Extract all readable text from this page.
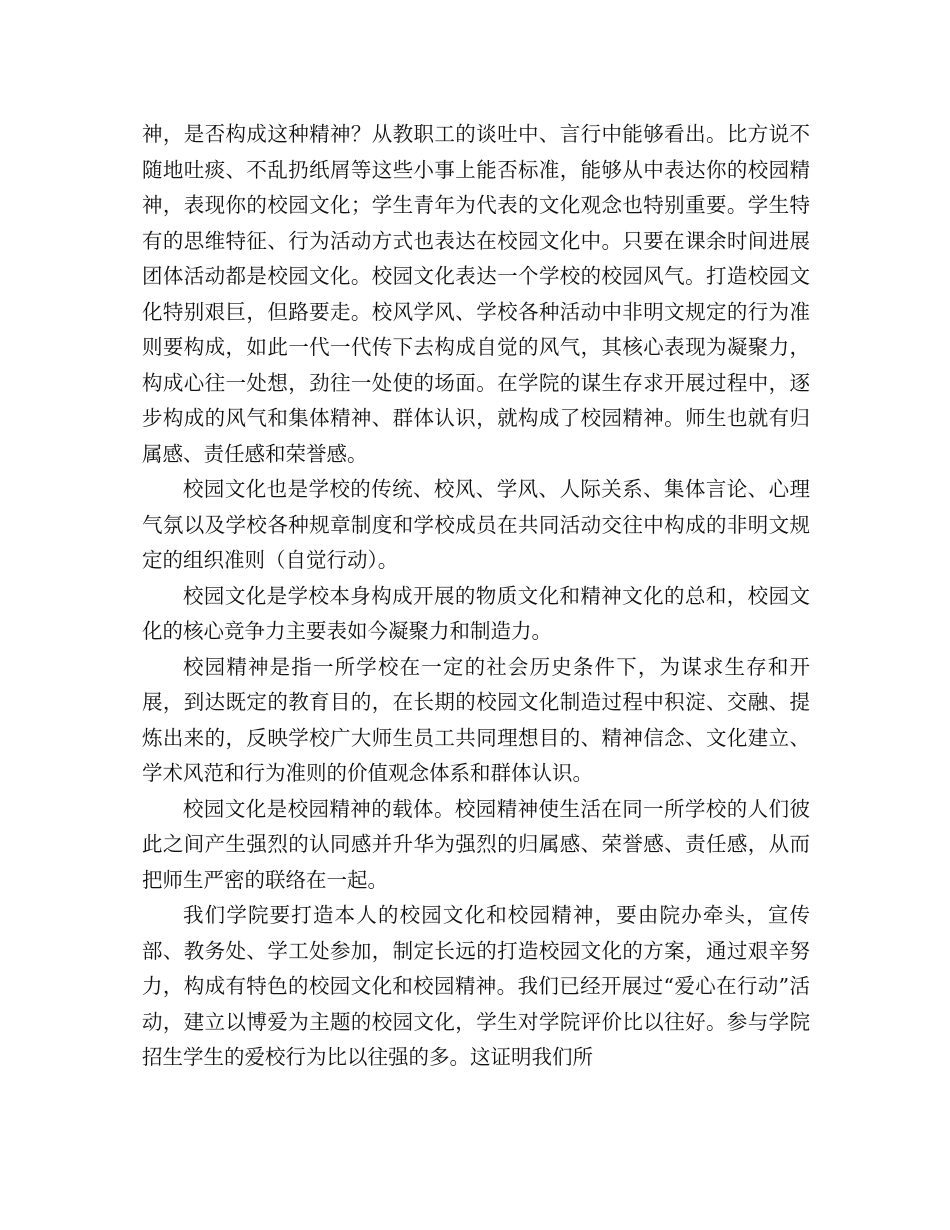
神，是否构成这种精神？从教职工的谈吐中、言行中能够看出。比方说不随地吐痰、不乱扔纸屑等这些小事上能否标准，能够从中表达你的校园精神，表现你的校园文化；学生青年为代表的文化观念也特别重要。学生特有的思维特征、行为活动方式也表达在校园文化中。只要在课余时间进展团体活动都是校园文化。校园文化表达一个学校的校园风气。打造校园文化特别艰巨，但路要走。校风学风、学校各种活动中非明文规定的行为准则要构成，如此一代一代传下去构成自觉的风气，其核心表现为凝聚力，构成心往一处想，劲往一处使的场面。在学院的谋生存求开展过程中，逐步构成的风气和集体精神、群体认识，就构成了校园精神。师生也就有归属感、责任感和荣誉感。

校园文化也是学校的传统、校风、学风、人际关系、集体言论、心理气氛以及学校各种规章制度和学校成员在共同活动交往中构成的非明文规定的组织准则（自觉行动）。

校园文化是学校本身构成开展的物质文化和精神文化的总和，校园文化的核心竞争力主要表如今凝聚力和制造力。

校园精神是指一所学校在一定的社会历史条件下，为谋求生存和开展，到达既定的教育目的，在长期的校园文化制造过程中积淀、交融、提炼出来的，反映学校广大师生员工共同理想目的、精神信念、文化建立、学术风范和行为准则的价值观念体系和群体认识。

校园文化是校园精神的载体。校园精神使生活在同一所学校的人们彼此之间产生强烈的认同感并升华为强烈的归属感、荣誉感、责任感，从而把师生严密的联络在一起。

我们学院要打造本人的校园文化和校园精神，要由院办牵头，宣传部、教务处、学工处参加，制定长远的打造校园文化的方案，通过艰辛努力，构成有特色的校园文化和校园精神。我们已经开展过“爱心在行动”活动，建立以博爱为主题的校园文化，学生对学院评价比以往好。参与学院招生学生的爱校行为比以往强的多。这证明我们所
